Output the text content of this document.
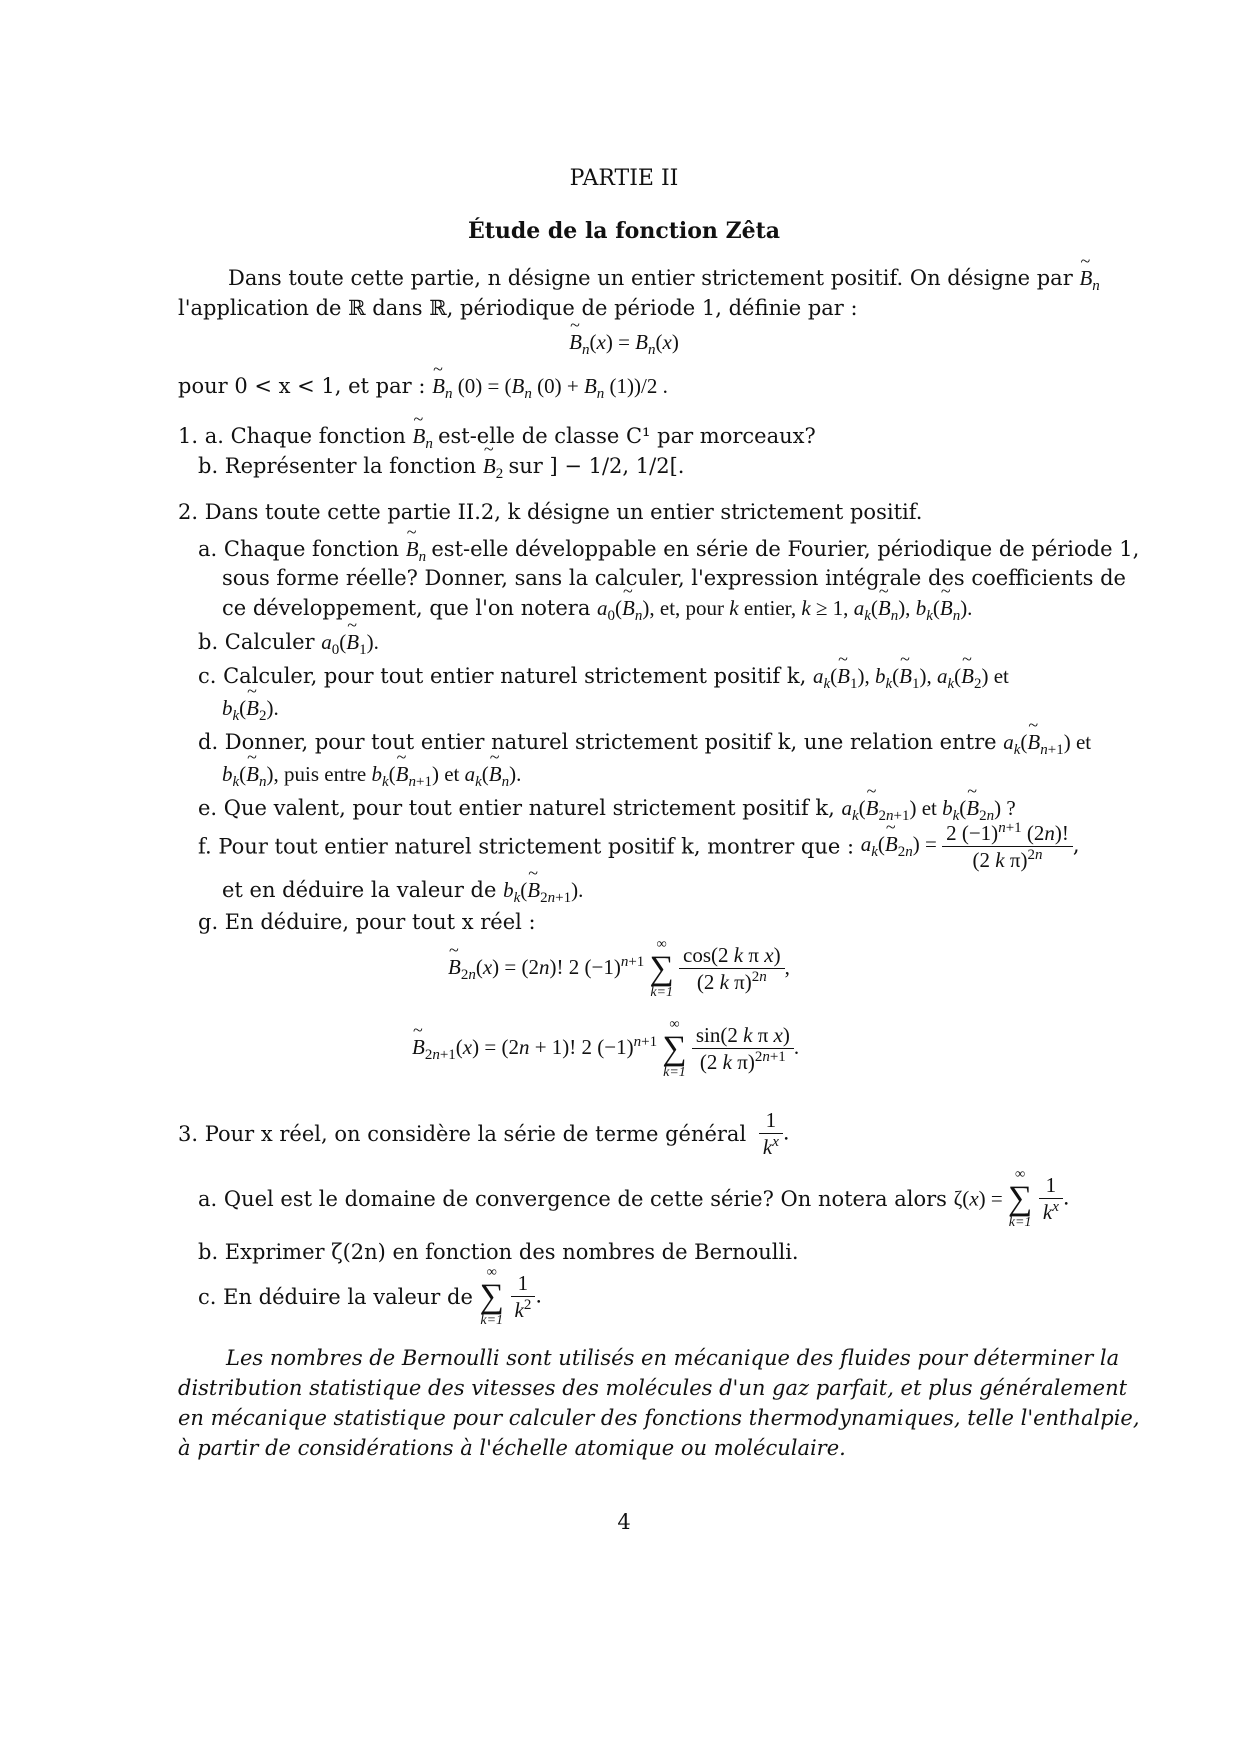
PARTIE II
Étude de la fonction Zêta
Dans toute cette partie, n désigne un entier strictement positif. On désigne par ~ $B_n$
l'application de ℝ dans ℝ, périodique de période 1, définie par :
~ $B_n(x) = B_n(x)$
pour 0 < x < 1, et par : ~ $B_n$ $(0) = (B_n$ $(0) + B_n$ (1))/2 .
1. a. Chaque fonction ~ $B_n$ est-elle de classe C¹ par morceaux?
b. Représenter la fonction ~ $B_2$ sur ] − 1/2, 1/2[.
2. Dans toute cette partie II.2, k désigne un entier strictement positif.
a. Chaque fonction ~ $B_n$ est-elle développable en série de Fourier, périodique de période 1,
sous forme réelle? Donner, sans la calculer, l'expression intégrale des coefficients de
ce développement, que l'on notera $a_0(\sim$ $B_n$), et, pour k entier, k ≥ 1, $a_k(\sim$ $B_n$), $b_k(\sim$ $B_n$).
b. Calculer $a_0(\sim$ $B_1$).
c. Calculer, pour tout entier naturel strictement positif k, $a_k(\sim$ $B_1$), $b_k(\sim$ $B_1$), $a_k(\sim$ $B_2$) et
$b_k(\sim$ $B_2$).
d. Donner, pour tout entier naturel strictement positif k, une relation entre $a_k(\sim$ $B_{n+1}$) et
$b_k(\sim$ $B_n$), puis entre $b_k(\sim$ $B_{n+1}$) et $a_k(\sim$ $B_n$).
e. Que valent, pour tout entier naturel strictement positif k, $a_k(\sim$ $B_{2n+1}$) et $b_k(\sim$ $B_{2n}$) ?
f. Pour tout entier naturel strictement positif k, montrer que : $a_k(\sim$ $B_{2n}) = \frac{2 (-1)^{n+1} (2n)!}{(2 k \pi)^{2n}}$ ,
et en déduire la valeur de $b_k(\sim$ $B_{2n+1}$).
g. En déduire, pour tout x réel :
~ $B_{2n}(x) = (2n)$! 2 $(-1)^{n+1}$
∞
∑
k=1
$\frac{\text{cos(2 k π x)}}{(2 k \pi)^{2n}}$ ,
~ $B_{2n+1}(x) = (2n + 1)$! 2 $(-1)^{n+1}$
∞
∑
k=1
$\frac{\text{sin(2 k π x)}}{(2 k \pi)^{2n+1}}$ .
3. Pour x réel, on considère la série de terme général $\frac{1}{k^x}$ .
a. Quel est le domaine de convergence de cette série? On notera alors ζ(x) =
∞
∑
k=1
$\frac{1}{k^x}$ .
b. Exprimer ζ(2n) en fonction des nombres de Bernoulli.
c. En déduire la valeur de
∞
∑
k=1
$\frac{1}{k^2}$ .
Les nombres de Bernoulli sont utilisés en mécanique des fluides pour déterminer la
distribution statistique des vitesses des molécules d'un gaz parfait, et plus généralement
en mécanique statistique pour calculer des fonctions thermodynamiques, telle l'enthalpie,
à partir de considérations à l'échelle atomique ou moléculaire.
4
